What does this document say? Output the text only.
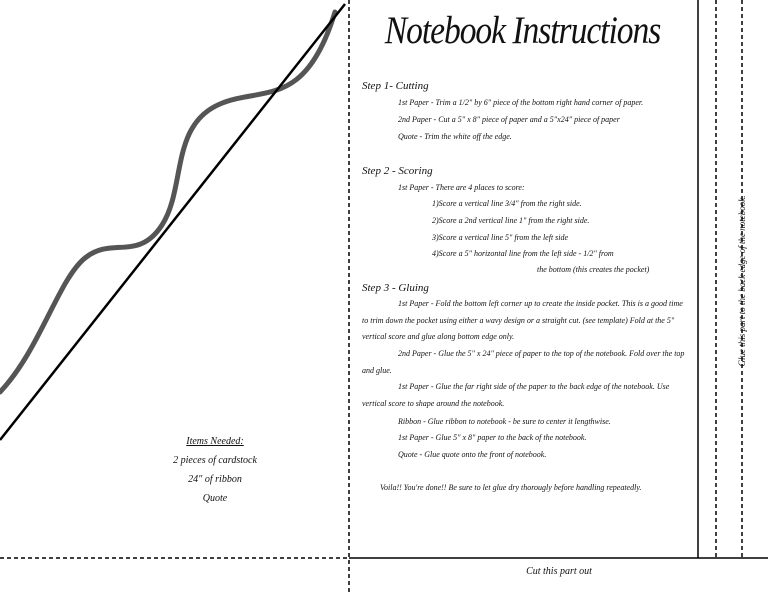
Notebook Instructions
Step 1- Cutting
1st Paper - Trim a 1/2" by 6" piece of the bottom right hand corner of paper.
2nd Paper - Cut a 5" x 8" piece of paper and a 5"x24" piece of paper
Quote - Trim the white off the edge.
Step 2 - Scoring
1st Paper - There are 4 places to score:
1)Score a vertical line 3/4" from the right side.
2)Score a 2nd vertical line 1" from the right side.
3)Score a vertical line 5" from the left side
4)Score a 5" horizontal line from the left side - 1/2" from
the bottom (this creates the pocket)
Step 3 - Gluing
1st Paper - Fold the bottom left corner up to create the inside pocket. This is a good time to trim down the pocket using either a wavy design or a straight cut. (see template) Fold at the 5" vertical score and glue along bottom edge only.
2nd Paper - Glue the 5" x 24" piece of paper to the top of the notebook. Fold over the top and glue.
1st Paper - Glue the far right side of the paper to the back edge of the notebook. Use vertical score to shape around the notebook.
Ribbon - Glue ribbon to notebook - be sure to center it lengthwise.
1st Paper - Glue 5" x 8" paper to the back of the notebook.
Quote - Glue quote onto the front of notebook.
Voila!! You're done!! Be sure to let glue dry thorougly before handling repeatedly.
Items Needed:
2 pieces of cardstock
24" of ribbon
Quote
Glue this part to the back edge of the notebook.
Cut this part out
